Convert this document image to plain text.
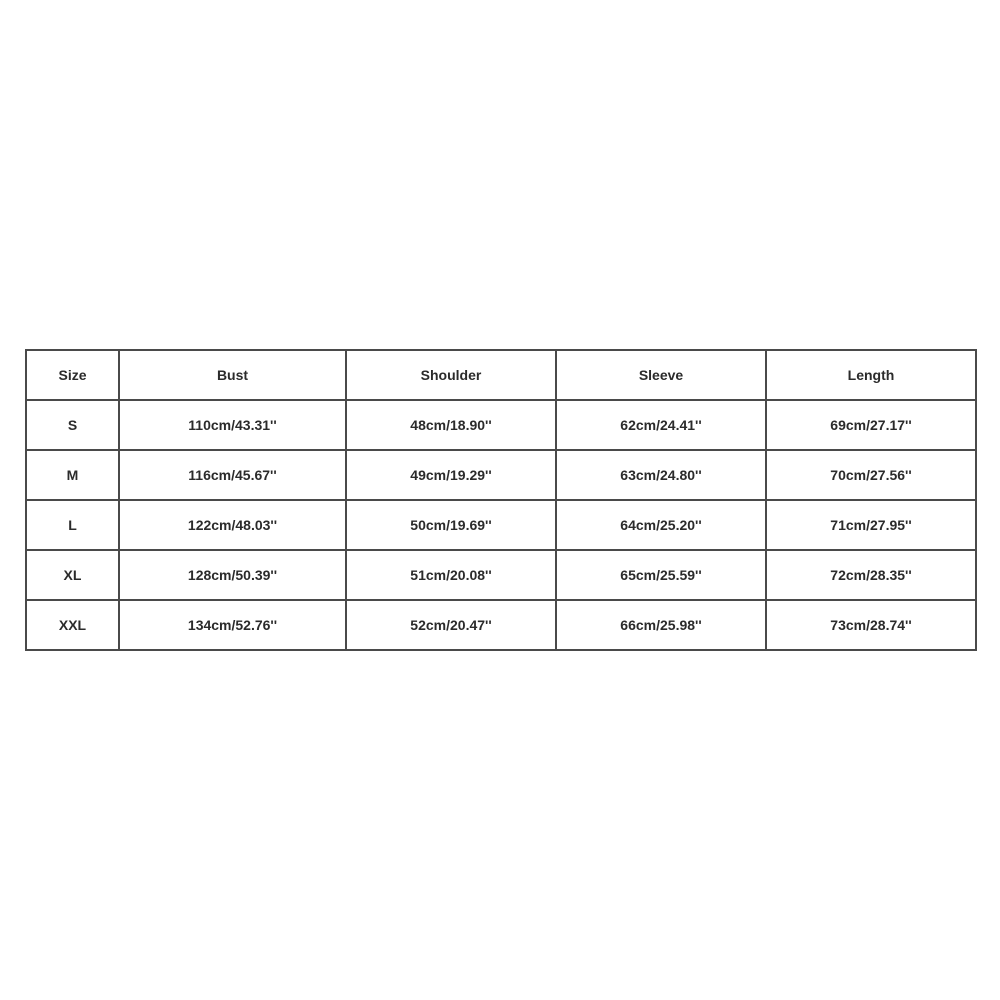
Size	Bust	Shoulder	Sleeve	Length
S	110cm/43.31''	48cm/18.90''	62cm/24.41''	69cm/27.17''
M	116cm/45.67''	49cm/19.29''	63cm/24.80''	70cm/27.56''
L	122cm/48.03''	50cm/19.69''	64cm/25.20''	71cm/27.95''
XL	128cm/50.39''	51cm/20.08''	65cm/25.59''	72cm/28.35''
XXL	134cm/52.76''	52cm/20.47''	66cm/25.98''	73cm/28.74''
